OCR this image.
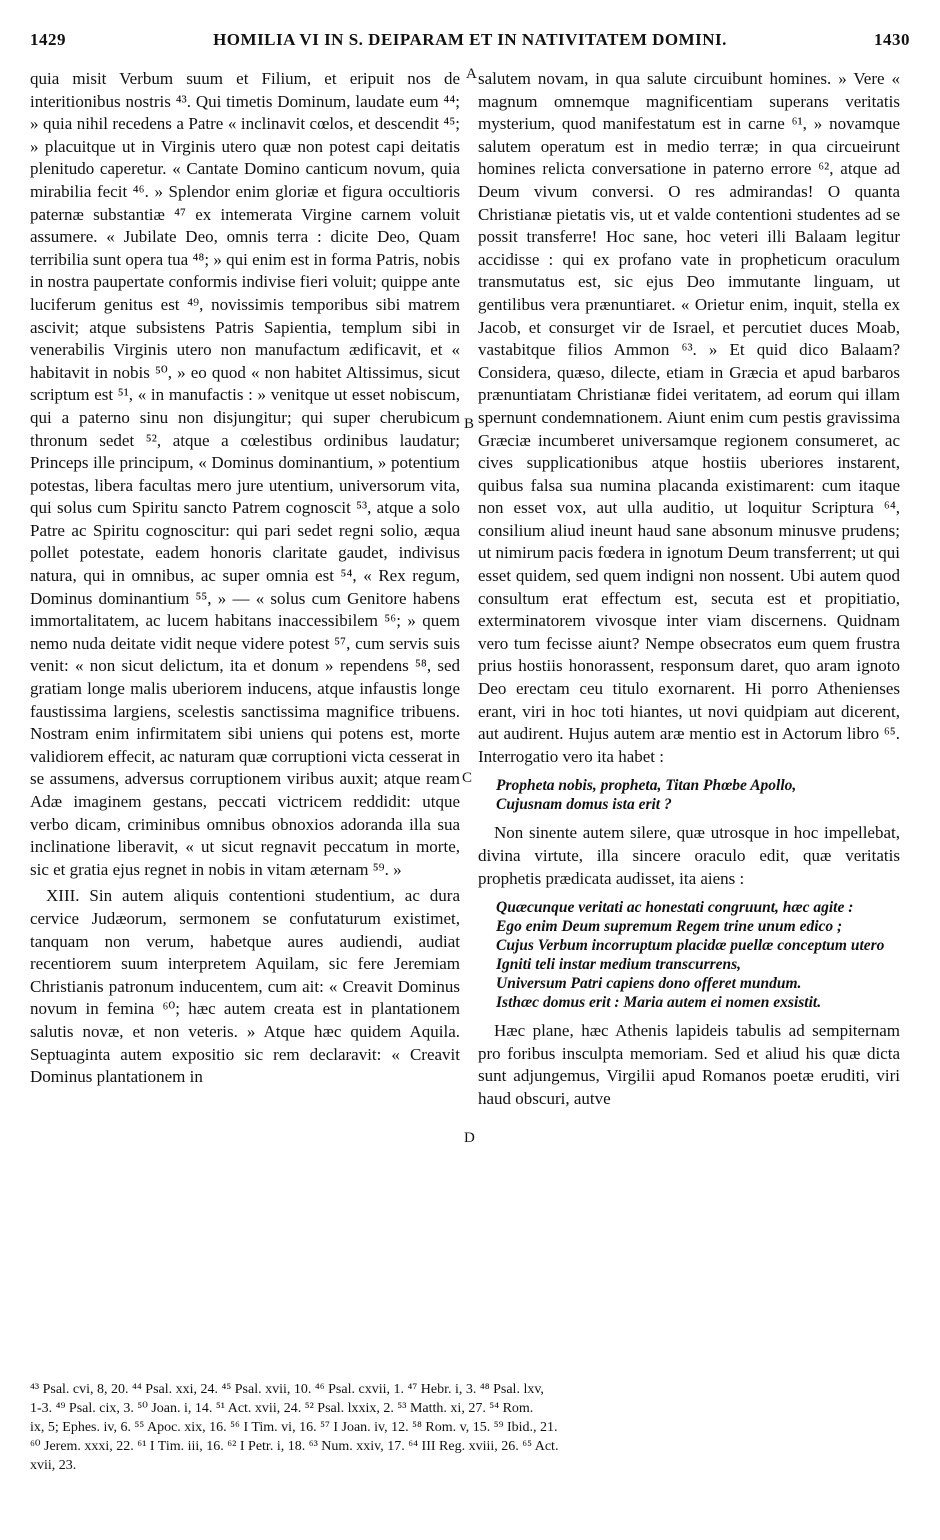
1429	HOMILIA VI IN S. DEIPARAM ET IN NATIVITATEM DOMINI.	1430
A
B
C
D

quia misit Verbum suum et Filium, et eripuit nos de interitionibus nostris ⁴³. Qui timetis Dominum, laudate eum ⁴⁴; » quia nihil recedens a Patre « inclinavit cœlos, et descendit ⁴⁵; » placuitque ut in Virginis utero quæ non potest capi deitatis plenitudo caperetur. « Cantate Domino canticum novum, quia mirabilia fecit ⁴⁶. » Splendor enim gloriæ et figura occultioris paternæ substantiæ ⁴⁷ ex intemerata Virgine carnem voluit assumere. « Jubilate Deo, omnis terra : dicite Deo, Quam terribilia sunt opera tua ⁴⁸; » qui enim est in forma Patris, nobis in nostra paupertate conformis indivise fieri voluit; quippe ante luciferum genitus est ⁴⁹, novissimis temporibus sibi matrem ascivit; atque subsistens Patris Sapientia, templum sibi in venerabilis Virginis utero non manufactum ædificavit, et « habitavit in nobis ⁵⁰, » eo quod « non habitet Altissimus, sicut scriptum est ⁵¹, « in manufactis : » venitque ut esset nobiscum, qui a paterno sinu non disjungitur; qui super cherubicum thronum sedet ⁵², atque a cœlestibus ordinibus laudatur; Princeps ille principum, « Dominus dominantium, » potentium potestas, libera facultas mero jure utentium, universorum vita, qui solus cum Spiritu sancto Patrem cognoscit ⁵³, atque a solo Patre ac Spiritu cognoscitur: qui pari sedet regni solio, æqua pollet potestate, eadem honoris claritate gaudet, indivisus natura, qui in omnibus, ac super omnia est ⁵⁴, « Rex regum, Dominus dominantium ⁵⁵, » — « solus cum Genitore habens immortalitatem, ac lucem habitans inaccessibilem ⁵⁶; » quem nemo nuda deitate vidit neque videre potest ⁵⁷, cum servis suis venit: « non sicut delictum, ita et donum » rependens ⁵⁸, sed gratiam longe malis uberiorem inducens, atque infaustis longe faustissima largiens, scelestis sanctissima magnifice tribuens. Nostram enim infirmitatem sibi uniens qui potens est, morte validiorem effecit, ac naturam quæ corruptioni victa cesserat in se assumens, adversus corruptionem viribus auxit; atque ream Adæ imaginem gestans, peccati victricem reddidit: utque verbo dicam, criminibus omnibus obnoxios adoranda illa sua inclinatione liberavit, « ut sicut regnavit peccatum in morte, sic et gratia ejus regnet in nobis in vitam æternam ⁵⁹. »

XIII. Sin autem aliquis contentioni studentium, ac dura cervice Judæorum, sermonem se confutaturum existimet, tanquam non verum, habetque aures audiendi, audiat recentiorem suum interpretem Aquilam, sic fere Jeremiam Christianis patronum inducentem, cum ait: « Creavit Dominus novum in femina ⁶⁰; hæc autem creata est in plantationem salutis novæ, et non veteris. » Atque hæc quidem Aquila. Septuaginta autem expositio sic rem declaravit: « Creavit Dominus plantationem in

salutem novam, in qua salute circuibunt homines. » Vere « magnum omnemque magnificentiam superans veritatis mysterium, quod manifestatum est in carne ⁶¹, » novamque salutem operatum est in medio terræ; in qua circueirunt homines relicta conversatione in paterno errore ⁶², atque ad Deum vivum conversi. O res admirandas! O quanta Christianæ pietatis vis, ut et valde contentioni studentes ad se possit transferre! Hoc sane, hoc veteri illi Balaam legitur accidisse : qui ex profano vate in propheticum oraculum transmutatus est, sic ejus Deo immutante linguam, ut gentilibus vera prænuntiaret. « Orietur enim, inquit, stella ex Jacob, et consurget vir de Israel, et percutiet duces Moab, vastabitque filios Ammon ⁶³. » Et quid dico Balaam? Considera, quæso, dilecte, etiam in Græcia et apud barbaros prænuntiatam Christianæ fidei veritatem, ad eorum qui illam spernunt condemnationem. Aiunt enim cum pestis gravissima Græciæ incumberet universamque regionem consumeret, ac cives supplicationibus atque hostiis uberiores instarent, quibus falsa sua numina placanda existimarent: cum itaque non esset vox, aut ulla auditio, ut loquitur Scriptura ⁶⁴, consilium aliud ineunt haud sane absonum minusve prudens; ut nimirum pacis fœdera in ignotum Deum transferrent; ut qui esset quidem, sed quem indigni non nossent. Ubi autem quod consultum erat effectum est, secuta est et propitiatio, exterminatorem vivosque inter viam discernens. Quidnam vero tum fecisse aiunt? Nempe obsecratos eum quem frustra prius hostiis honorassent, responsum daret, quo aram ignoto Deo erectam ceu titulo exornarent. Hi porro Athenienses erant, viri in hoc toti hiantes, ut novi quidpiam aut dicerent, aut audirent. Hujus autem aræ mentio est in Actorum libro ⁶⁵. Interrogatio vero ita habet :

Propheta nobis, propheta, Titan Phœbe Apollo,
Cujusnam domus ista erit ?

Non sinente autem silere, quæ utrosque in hoc impellebat, divina virtute, illa sincere oraculo edit, quæ veritatis prophetis prædicata audisset, ita aiens :

Quæcunque veritati ac honestati congruunt, hæc agite :
Ego enim Deum supremum Regem trine unum edico ;
Cujus Verbum incorruptum placidæ puellæ conceptum utero
Igniti teli instar medium transcurrens,
Universum Patri capiens dono offeret mundum.
Isthæc domus erit : Maria autem ei nomen exsistit.

Hæc plane, hæc Athenis lapideis tabulis ad sempiternam pro foribus insculpta memoriam. Sed et aliud his quæ dicta sunt adjungemus, Virgilii apud Romanos poetæ eruditi, viri haud obscuri, autve

⁴³ Psal. cvi, 8, 20. ⁴⁴ Psal. xxi, 24. ⁴⁵ Psal. xvii, 10. ⁴⁶ Psal. cxvii, 1. ⁴⁷ Hebr. i, 3. ⁴⁸ Psal. lxv,
1-3. ⁴⁹ Psal. cix, 3. ⁵⁰ Joan. i, 14. ⁵¹ Act. xvii, 24. ⁵² Psal. lxxix, 2. ⁵³ Matth. xi, 27. ⁵⁴ Rom.
ix, 5; Ephes. iv, 6. ⁵⁵ Apoc. xix, 16. ⁵⁶ I Tim. vi, 16. ⁵⁷ I Joan. iv, 12. ⁵⁸ Rom. v, 15. ⁵⁹ Ibid., 21.
⁶⁰ Jerem. xxxi, 22. ⁶¹ I Tim. iii, 16. ⁶² I Petr. i, 18. ⁶³ Num. xxiv, 17. ⁶⁴ III Reg. xviii, 26. ⁶⁵ Act.
xvii, 23.
